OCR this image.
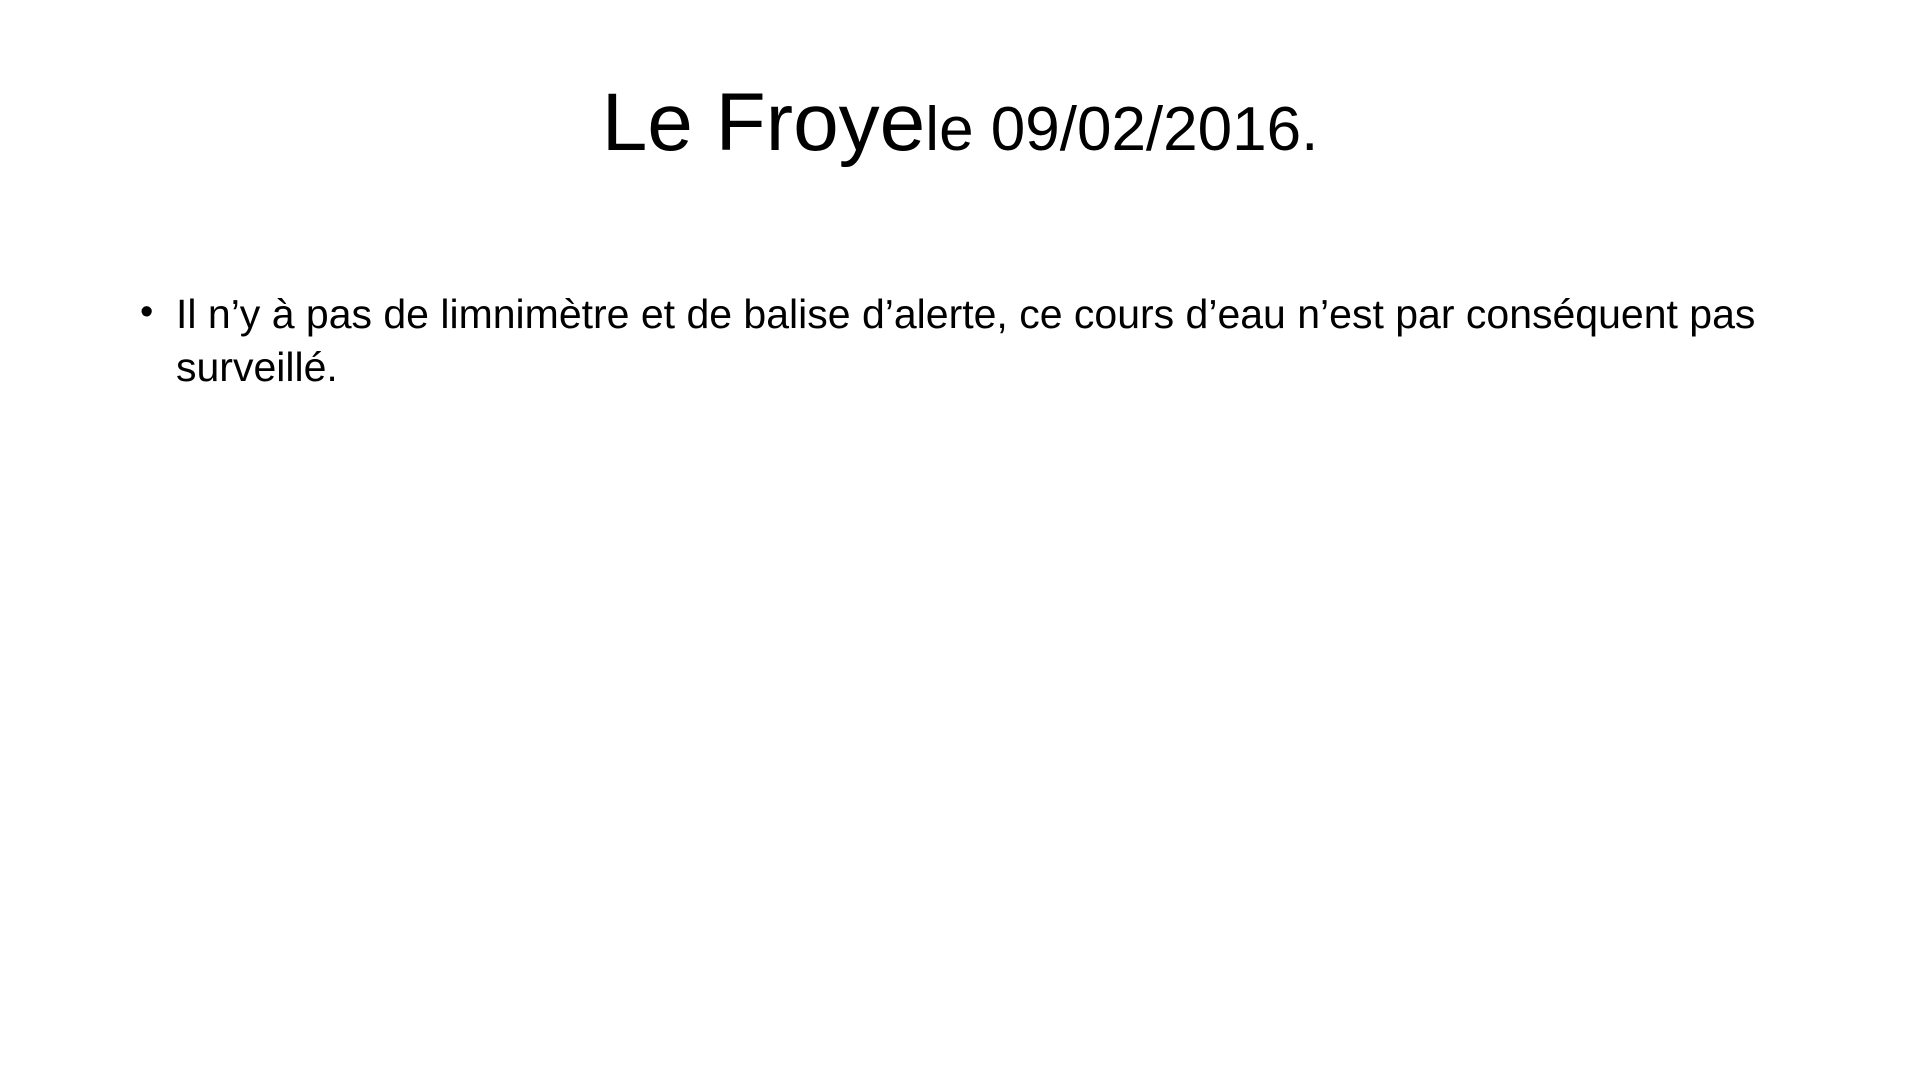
Le Froyele 09/02/2016.
• Il n’y à pas de limnimètre et de balise d’alerte, ce cours d’eau n’est par conséquent pas surveillé.
